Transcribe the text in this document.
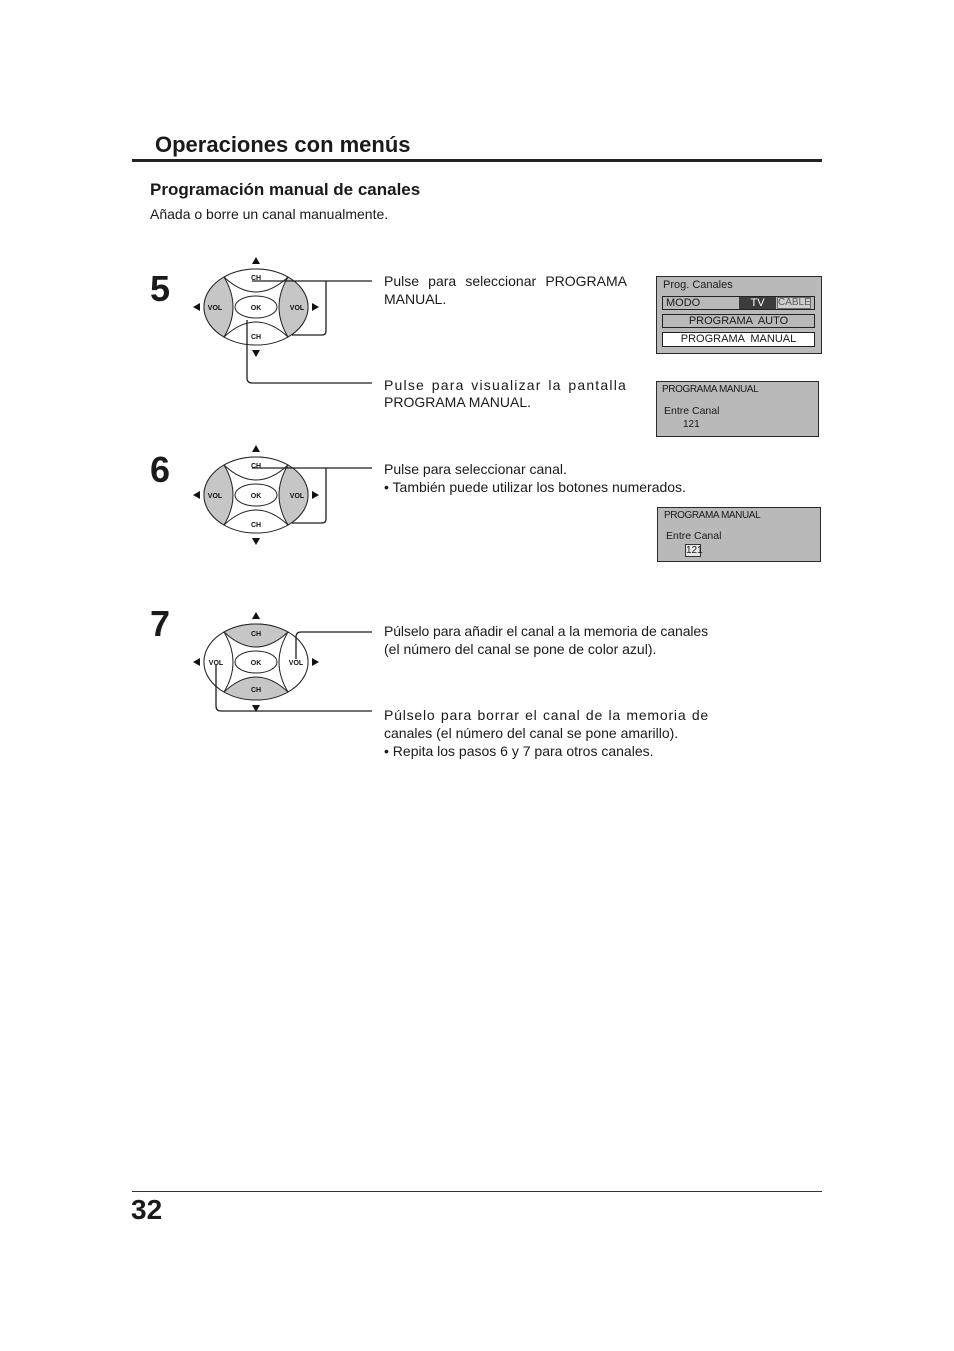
Operaciones con menús
Programación manual de canales
Añada o borre un canal manualmente.
5
6
7
CH
CH
VOL	VOL
OK
CH
CH
VOL	VOL
OK
CH
CH
VOL	VOL
OK
Pulse para seleccionar PROGRAMA
MANUAL.
Pulse para visualizar la pantalla
PROGRAMA MANUAL.
Pulse para seleccionar canal.
• También puede utilizar los botones numerados.
Púlselo para añadir el canal a la memoria de canales
(el número del canal se pone de color azul).
Púlselo para borrar el canal de la memoria de
canales (el número del canal se pone amarillo).
• Repita los pasos 6 y 7 para otros canales.
Prog. Canales
MODO	TV	CABLE
PROGRAMA AUTO
PROGRAMA MANUAL
PROGRAMA MANUAL
Entre Canal
121
PROGRAMA MANUAL
Entre Canal
121
32
